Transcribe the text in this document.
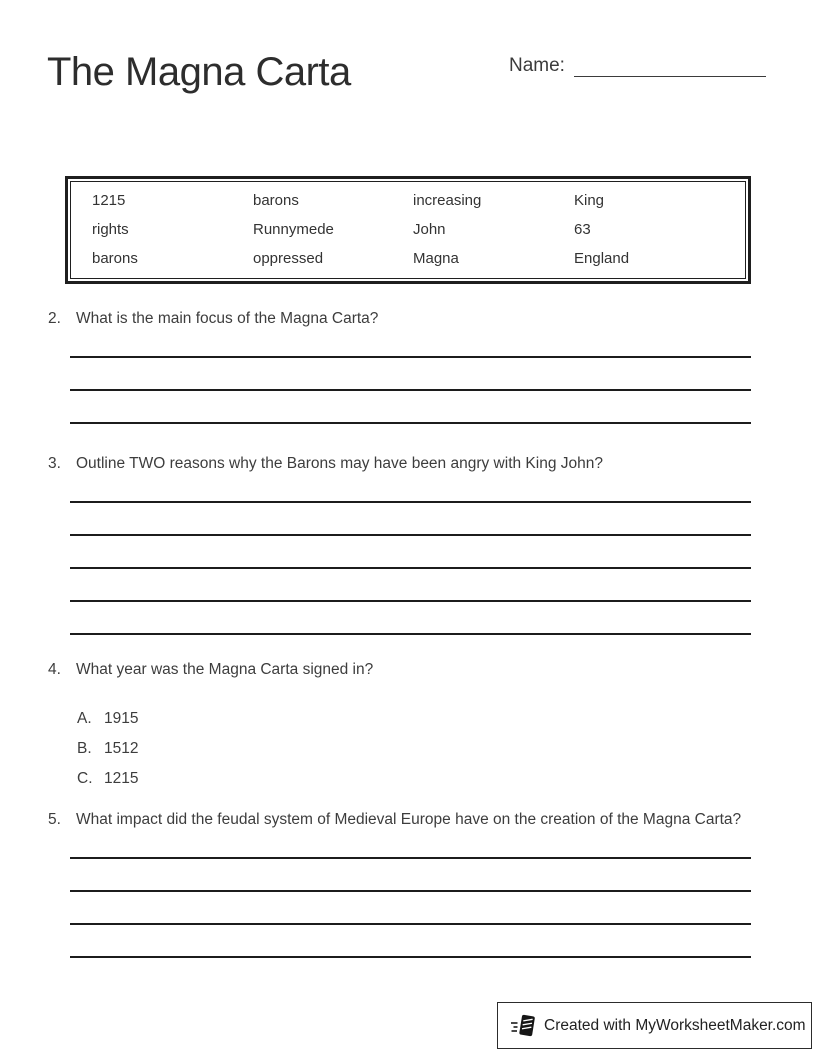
The Magna Carta	Name:
1215	barons	increasing	King
rights	Runnymede	John	63
barons	oppressed	Magna	England
2. What is the main focus of the Magna Carta?
3. Outline TWO reasons why the Barons may have been angry with King John?
4. What year was the Magna Carta signed in?
A. 1915
B. 1512
C. 1215
5. What impact did the feudal system of Medieval Europe have on the creation of the Magna Carta?
Created with MyWorksheetMaker.com
